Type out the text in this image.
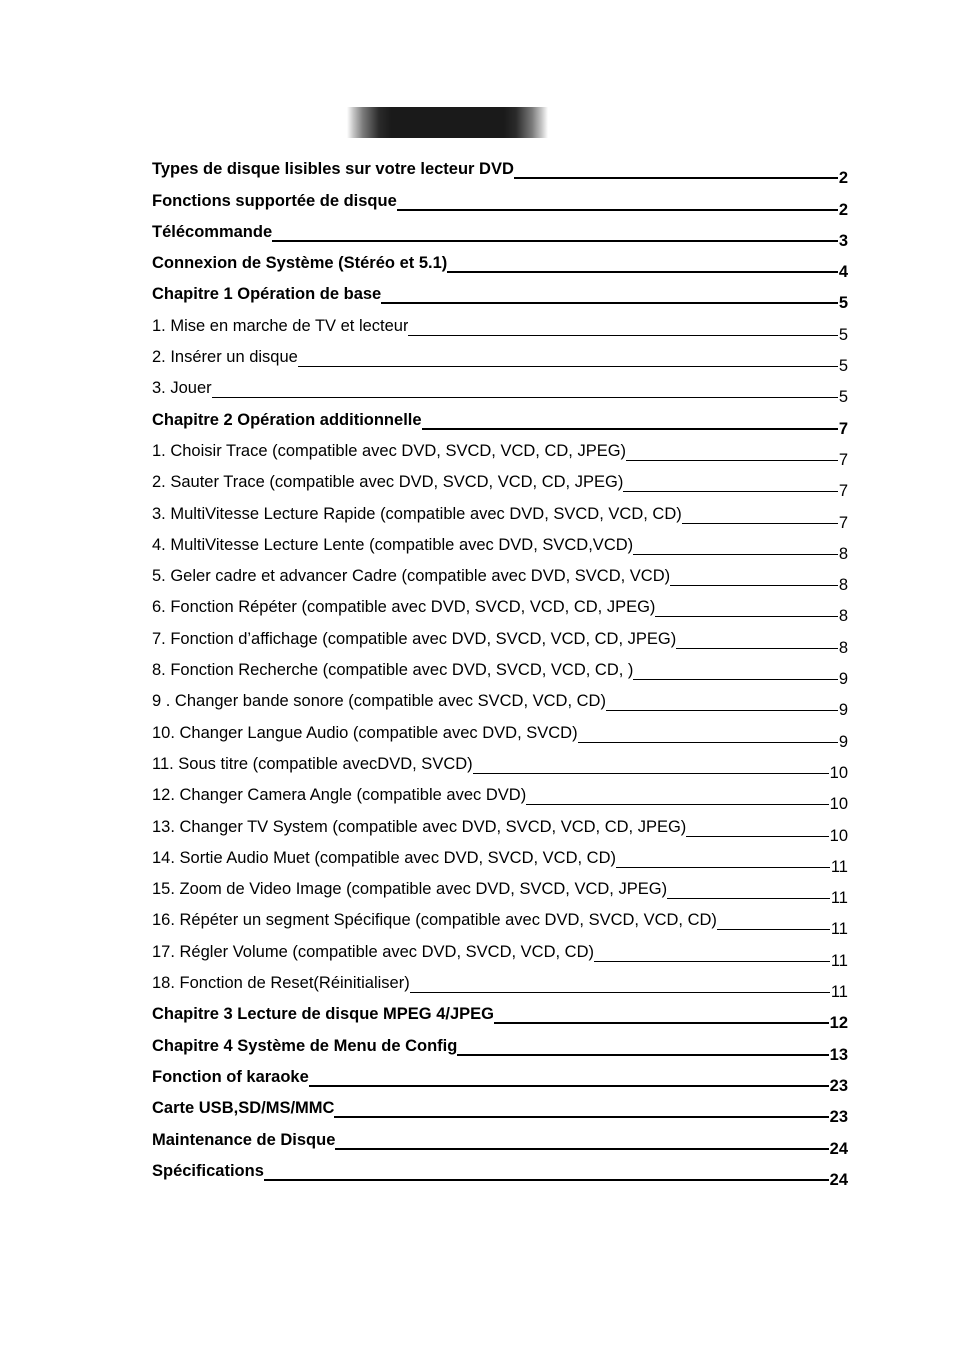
Types de disque lisibles sur votre lecteur DVD	2
Fonctions supportée de disque	2
Télécommande	3
Connexion de Système (Stéréo et 5.1)	4
Chapitre 1 Opération de base	5
1. Mise en marche de TV et lecteur	5
2. Insérer un disque	5
3. Jouer	5
Chapitre 2 Opération additionnelle	7
1. Choisir Trace (compatible avec DVD, SVCD, VCD, CD, JPEG)	7
2. Sauter Trace (compatible avec DVD, SVCD, VCD, CD, JPEG)	7
3. MultiVitesse Lecture Rapide (compatible avec DVD, SVCD, VCD, CD)	7
4. MultiVitesse Lecture Lente (compatible avec DVD, SVCD,VCD)	8
5. Geler cadre et advancer Cadre (compatible avec DVD, SVCD, VCD)	8
6. Fonction Répéter (compatible avec DVD, SVCD, VCD, CD, JPEG)	8
7. Fonction d’affichage (compatible avec DVD, SVCD, VCD, CD, JPEG)	8
8. Fonction Recherche (compatible avec DVD, SVCD, VCD, CD, )	9
9 . Changer bande sonore (compatible avec SVCD, VCD, CD)	9
10. Changer Langue Audio (compatible avec DVD, SVCD)	9
11. Sous titre (compatible avecDVD, SVCD)	10
12. Changer Camera Angle (compatible avec DVD)	10
13. Changer TV System (compatible avec DVD, SVCD, VCD, CD, JPEG)	10
14. Sortie Audio Muet (compatible avec DVD, SVCD, VCD, CD)	11
15. Zoom de Video Image (compatible avec DVD, SVCD, VCD, JPEG)	11
16. Répéter un segment Spécifique (compatible avec DVD, SVCD, VCD, CD)	11
17. Régler Volume (compatible avec DVD, SVCD, VCD, CD)	11
18. Fonction de Reset(Réinitialiser)	11
Chapitre 3 Lecture de disque MPEG 4/JPEG	12
Chapitre 4 Système de Menu de Config	13
Fonction of karaoke	23
Carte USB,SD/MS/MMC	23
Maintenance de Disque	24
Spécifications	24
